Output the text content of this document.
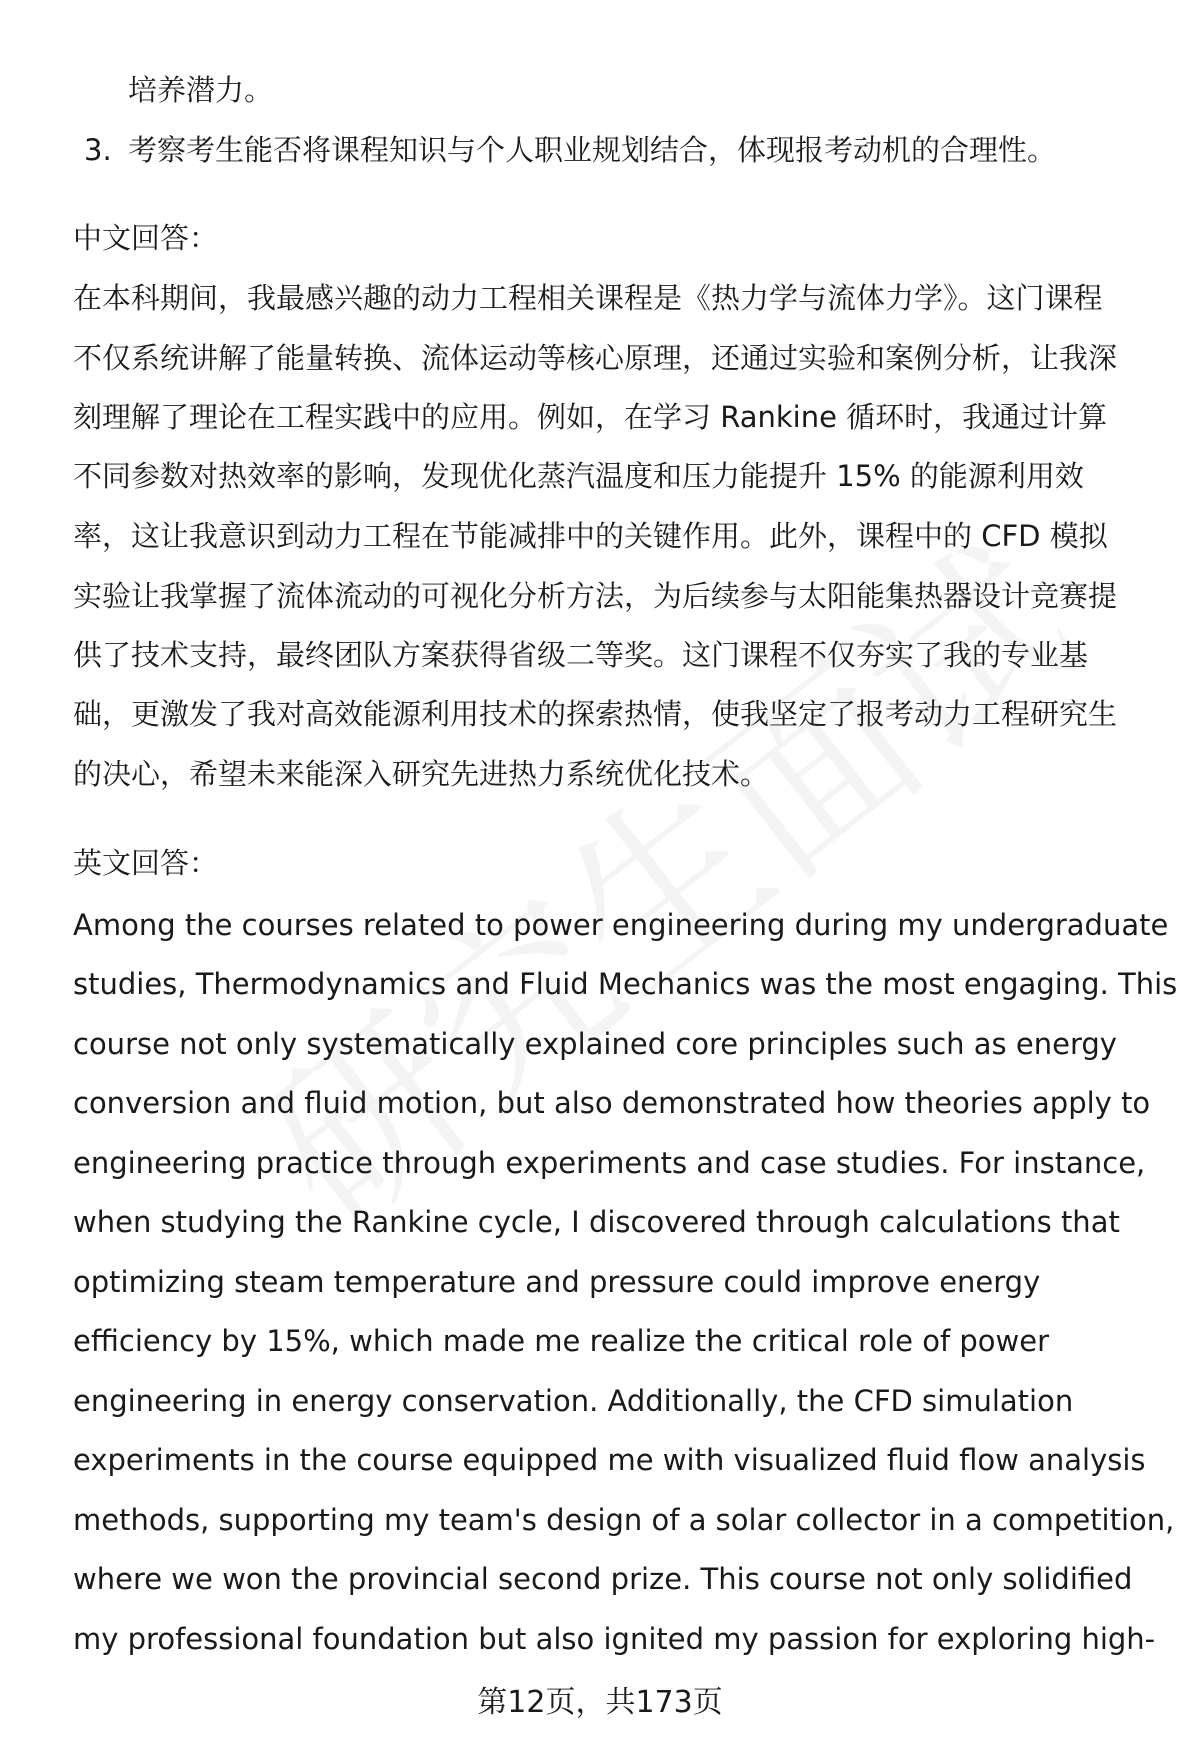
培养潜力。
3. 考察考生能否将课程知识与个人职业规划结合，体现报考动机的合理性。
中文回答：
在本科期间，我最感兴趣的动力工程相关课程是《热力学与流体力学》。这门课程
不仅系统讲解了能量转换、流体运动等核心原理，还通过实验和案例分析，让我深
刻理解了理论在工程实践中的应用。例如，在学习 Rankine 循环时，我通过计算
不同参数对热效率的影响，发现优化蒸汽温度和压力能提升 15% 的能源利用效
率，这让我意识到动力工程在节能减排中的关键作用。此外，课程中的 CFD 模拟
实验让我掌握了流体流动的可视化分析方法，为后续参与太阳能集热器设计竞赛提
供了技术支持，最终团队方案获得省级二等奖。这门课程不仅夯实了我的专业基
础，更激发了我对高效能源利用技术的探索热情，使我坚定了报考动力工程研究生
的决心，希望未来能深入研究先进热力系统优化技术。
英文回答：
Among the courses related to power engineering during my undergraduate
studies, Thermodynamics and Fluid Mechanics was the most engaging. This
course not only systematically explained core principles such as energy
conversion and fluid motion, but also demonstrated how theories apply to
engineering practice through experiments and case studies. For instance,
when studying the Rankine cycle, I discovered through calculations that
optimizing steam temperature and pressure could improve energy
efficiency by 15%, which made me realize the critical role of power
engineering in energy conservation. Additionally, the CFD simulation
experiments in the course equipped me with visualized fluid flow analysis
methods, supporting my team's design of a solar collector in a competition,
where we won the provincial second prize. This course not only solidified
my professional foundation but also ignited my passion for exploring high-
第12页，共173页
